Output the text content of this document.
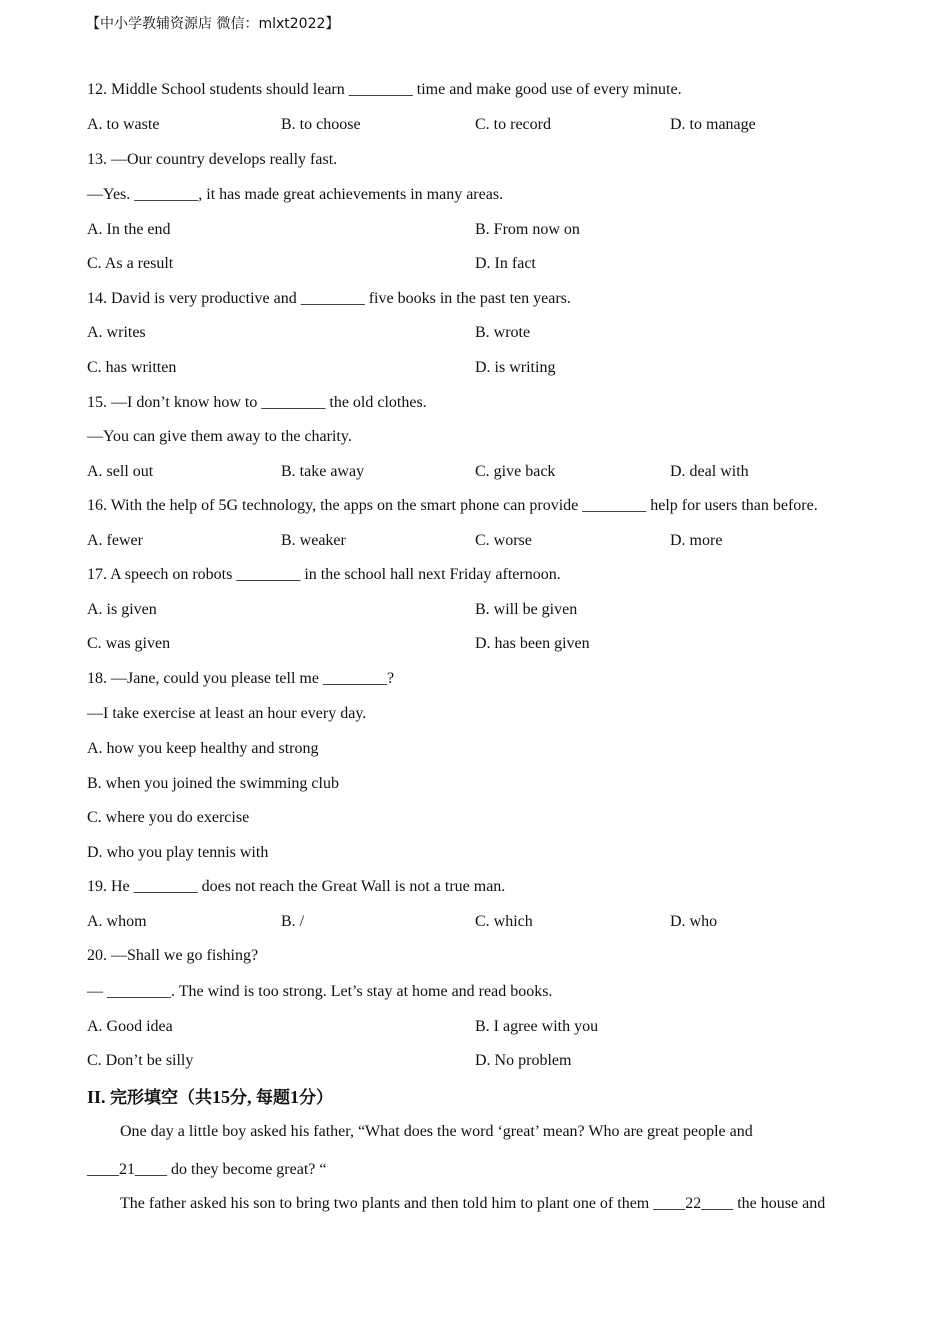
【中小学教辅资源店 微信：mlxt2022】
12. Middle School students should learn ________ time and make good use of every minute.
A. to waste	B. to choose	C. to record	D. to manage
13. —Our country develops really fast.
—Yes. ________, it has made great achievements in many areas.
A. In the end	B. From now on
C. As a result	D. In fact
14. David is very productive and ________ five books in the past ten years.
A. writes	B. wrote
C. has written	D. is writing
15. —I don’t know how to ________ the old clothes.
—You can give them away to the charity.
A. sell out	B. take away	C. give back	D. deal with
16. With the help of 5G technology, the apps on the smart phone can provide ________ help for users than before.
A. fewer	B. weaker	C. worse	D. more
17. A speech on robots ________ in the school hall next Friday afternoon.
A. is given	B. will be given
C. was given	D. has been given
18. —Jane, could you please tell me ________?
—I take exercise at least an hour every day.
A. how you keep healthy and strong
B. when you joined the swimming club
C. where you do exercise
D. who you play tennis with
19. He ________ does not reach the Great Wall is not a true man.
A. whom	B. /	C. which	D. who
20. —Shall we go fishing?
— ________. The wind is too strong. Let’s stay at home and read books.
A. Good idea	B. I agree with you
C. Don’t be silly	D. No problem
II. 完形填空（共15分, 每题1分）
One day a little boy asked his father, “What does the word ‘great’ mean? Who are great people and
____21____ do they become great? “
The father asked his son to bring two plants and then told him to plant one of them ____22____ the house and
